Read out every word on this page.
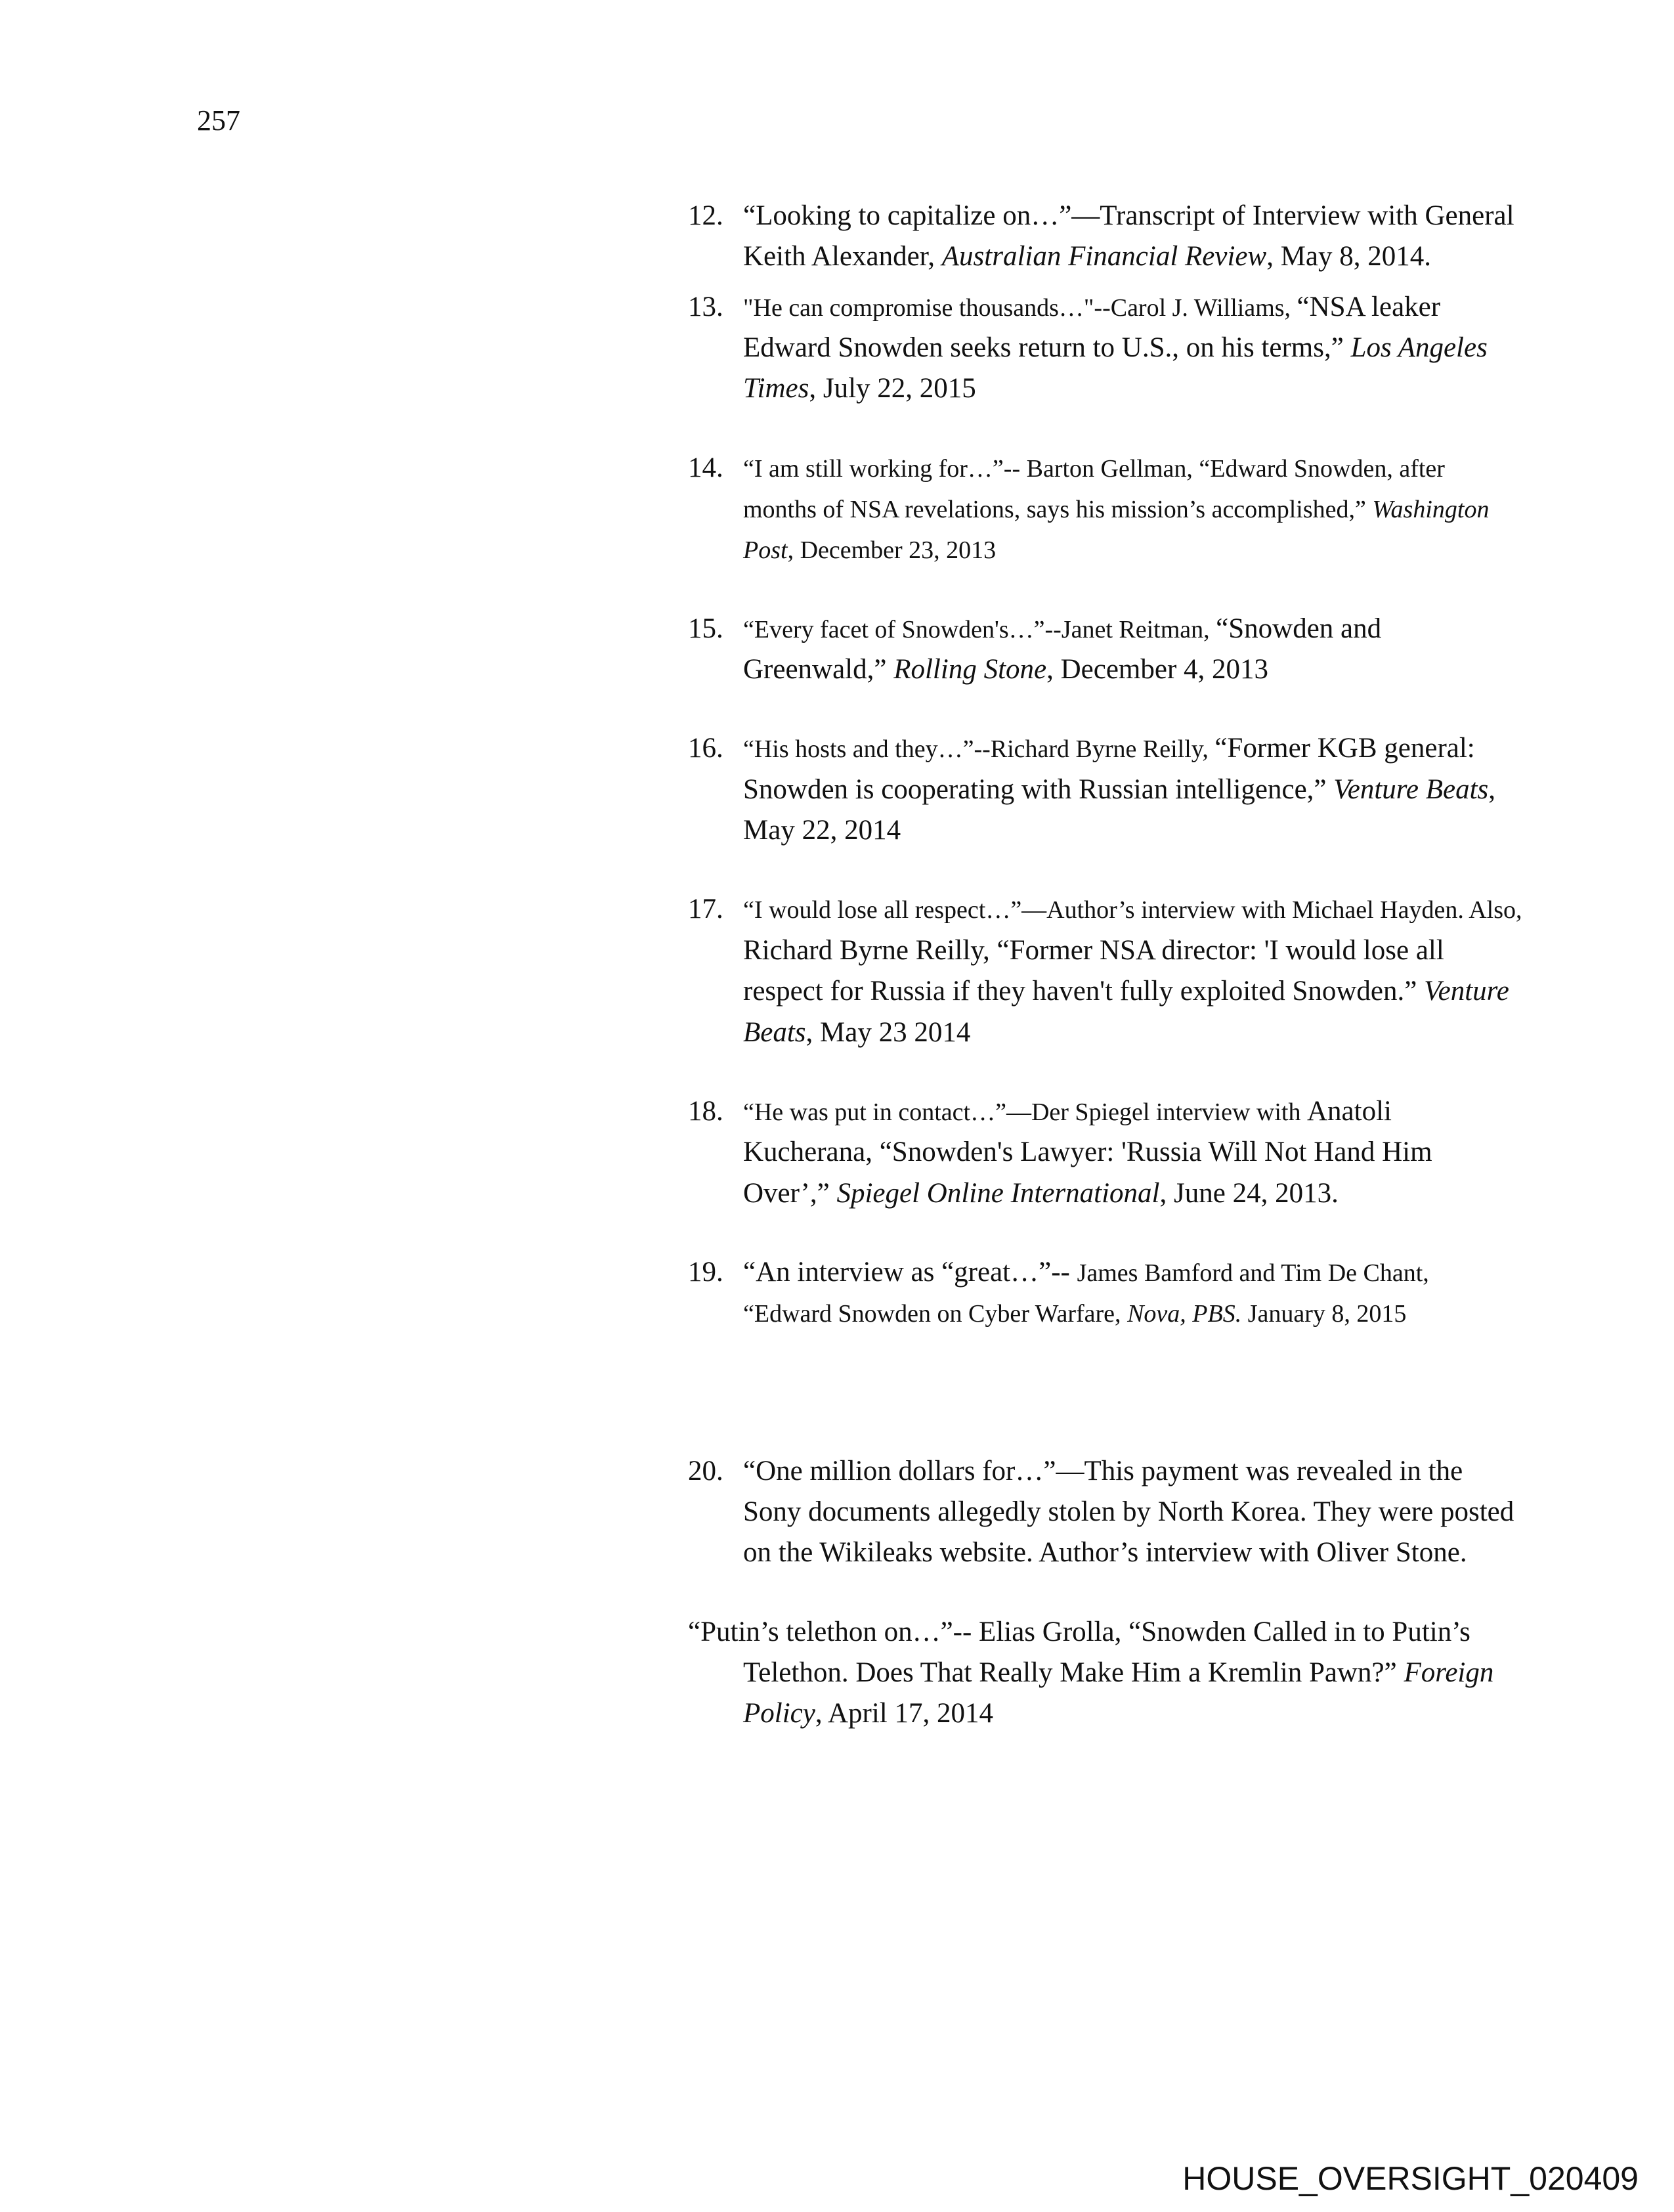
257
12. “Looking to capitalize on…”—Transcript of Interview with General Keith Alexander, Australian Financial Review, May 8, 2014.
13. "He can compromise thousands…"--Carol J. Williams, “NSA leaker Edward Snowden seeks return to U.S., on his terms,” Los Angeles Times, July 22, 2015
14. “I am still working for…”-- Barton Gellman, “Edward Snowden, after months of NSA revelations, says his mission’s accomplished,” Washington Post, December 23, 2013
15. “Every facet of Snowden's…”--Janet Reitman, “Snowden and Greenwald,” Rolling Stone, December 4, 2013
16. “His hosts and they…”--Richard Byrne Reilly, “Former KGB general: Snowden is cooperating with Russian intelligence,” Venture Beats, May 22, 2014
17. “I would lose all respect…”—Author’s interview with Michael Hayden. Also, Richard Byrne Reilly, “Former NSA director: 'I would lose all respect for Russia if they haven't fully exploited Snowden.” Venture Beats, May 23 2014
18. “He was put in contact…”—Der Spiegel interview with Anatoli Kucherana, “Snowden's Lawyer: 'Russia Will Not Hand Him Over’,” Spiegel Online International, June 24, 2013.
19. “An interview as “great…”-- James Bamford and Tim De Chant, “Edward Snowden on Cyber Warfare, Nova, PBS. January 8, 2015
20. “One million dollars for…”—This payment was revealed in the Sony documents allegedly stolen by North Korea. They were posted on the Wikileaks website. Author’s interview with Oliver Stone.
“Putin’s telethon on…”-- Elias Grolla, “Snowden Called in to Putin’s Telethon. Does That Really Make Him a Kremlin Pawn?” Foreign Policy, April 17, 2014
HOUSE_OVERSIGHT_020409
